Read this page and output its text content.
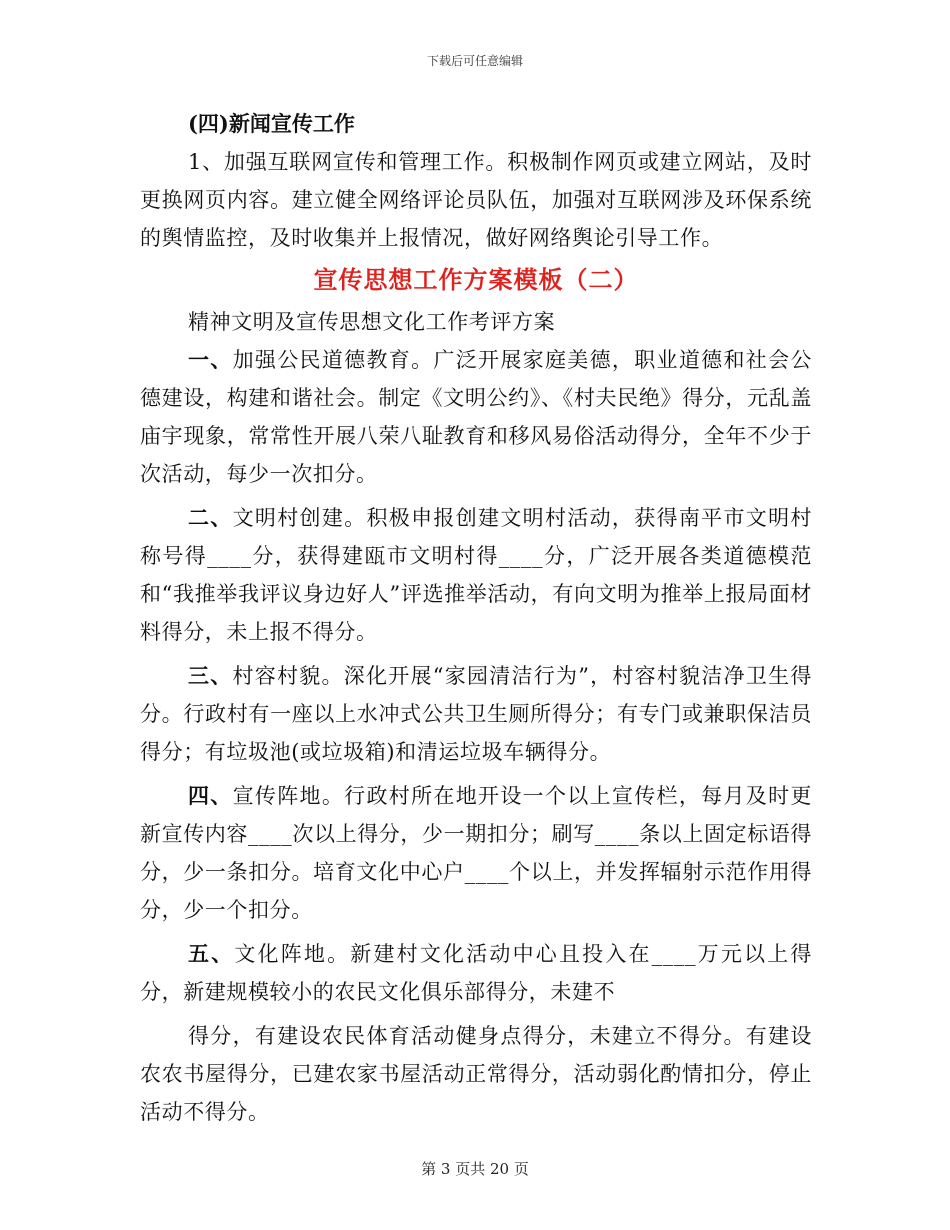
下载后可任意编辑

(四)新闻宣传工作

1、加强互联网宣传和管理工作。积极制作网页或建立网站，及时更换网页内容。建立健全网络评论员队伍，加强对互联网涉及环保系统的舆情监控，及时收集并上报情况，做好网络舆论引导工作。

宣传思想工作方案模板（二）

精神文明及宣传思想文化工作考评方案

一、加强公民道德教育。广泛开展家庭美德，职业道德和社会公德建设，构建和谐社会。制定《文明公约》、《村夫民绝》得分，元乱盖庙宇现象，常常性开展八荣八耻教育和移风易俗活动得分，全年不少于次活动，每少一次扣分。

二、文明村创建。积极申报创建文明村活动，获得南平市文明村称号得____分，获得建瓯市文明村得____分，广泛开展各类道德模范和“我推举我评议身边好人”评选推举活动，有向文明为推举上报局面材料得分，未上报不得分。

三、村容村貌。深化开展“家园清洁行为”，村容村貌洁净卫生得分。行政村有一座以上水冲式公共卫生厕所得分；有专门或兼职保洁员得分；有垃圾池(或垃圾箱)和清运垃圾车辆得分。

四、宣传阵地。行政村所在地开设一个以上宣传栏，每月及时更新宣传内容____次以上得分，少一期扣分；刷写____条以上固定标语得分，少一条扣分。培育文化中心户____个以上，并发挥辐射示范作用得分，少一个扣分。

五、文化阵地。新建村文化活动中心且投入在____万元以上得分，新建规模较小的农民文化俱乐部得分，未建不

得分，有建设农民体育活动健身点得分，未建立不得分。有建设农农书屋得分，已建农家书屋活动正常得分，活动弱化酌情扣分，停止活动不得分。

第 3 页共 20 页
